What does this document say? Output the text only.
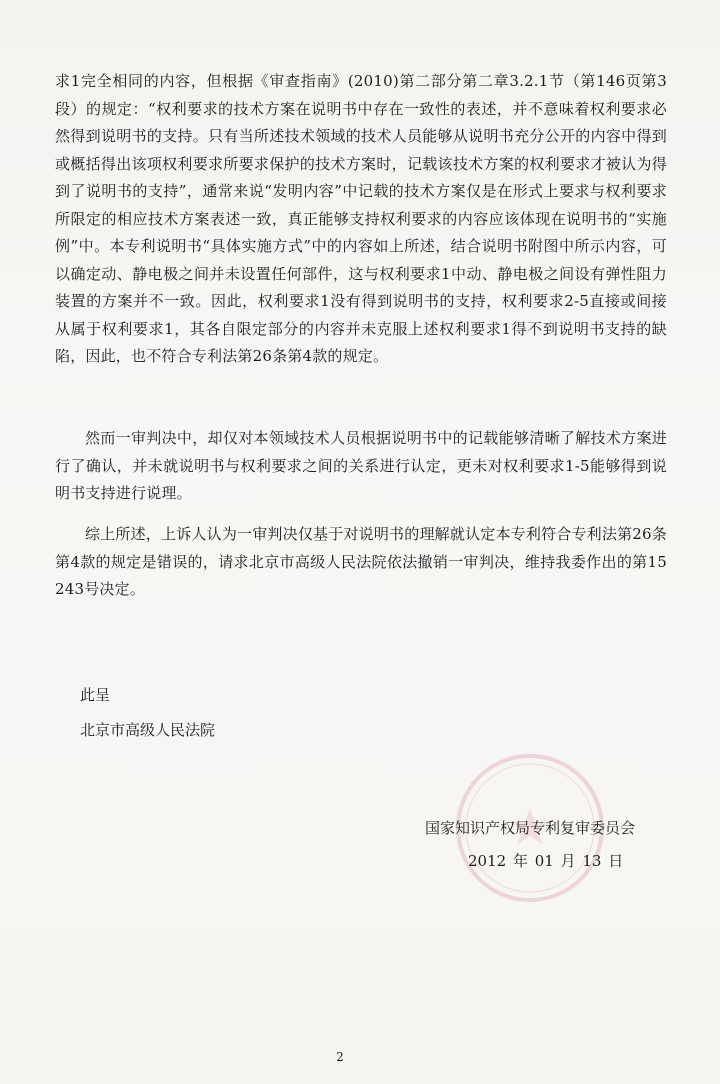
求1完全相同的内容，但根据《审查指南》(2010)第二部分第二章3.2.1节（第146页第3段）的规定：“权利要求的技术方案在说明书中存在一致性的表述，并不意味着权利要求必然得到说明书的支持。只有当所述技术领域的技术人员能够从说明书充分公开的内容中得到或概括得出该项权利要求所要求保护的技术方案时，记载该技术方案的权利要求才被认为得到了说明书的支持”，通常来说“发明内容”中记载的技术方案仅是在形式上要求与权利要求所限定的相应技术方案表述一致，真正能够支持权利要求的内容应该体现在说明书的“实施例”中。本专利说明书“具体实施方式”中的内容如上所述，结合说明书附图中所示内容，可以确定动、静电极之间并未设置任何部件，这与权利要求1中动、静电极之间设有弹性阻力装置的方案并不一致。因此，权利要求1没有得到说明书的支持，权利要求2-5直接或间接从属于权利要求1，其各自限定部分的内容并未克服上述权利要求1得不到说明书支持的缺陷，因此，也不符合专利法第26条第4款的规定。
然而一审判决中，却仅对本领域技术人员根据说明书中的记载能够清晰了解技术方案进行了确认，并未就说明书与权利要求之间的关系进行认定，更未对权利要求1-5能够得到说明书支持进行说理。
综上所述，上诉人认为一审判决仅基于对说明书的理解就认定本专利符合专利法第26条第4款的规定是错误的，请求北京市高级人民法院依法撤销一审判决，维持我委作出的第15243号决定。
此呈
北京市高级人民法院
国家知识产权局专利复审委员会
2012 年 01 月 13 日
2
